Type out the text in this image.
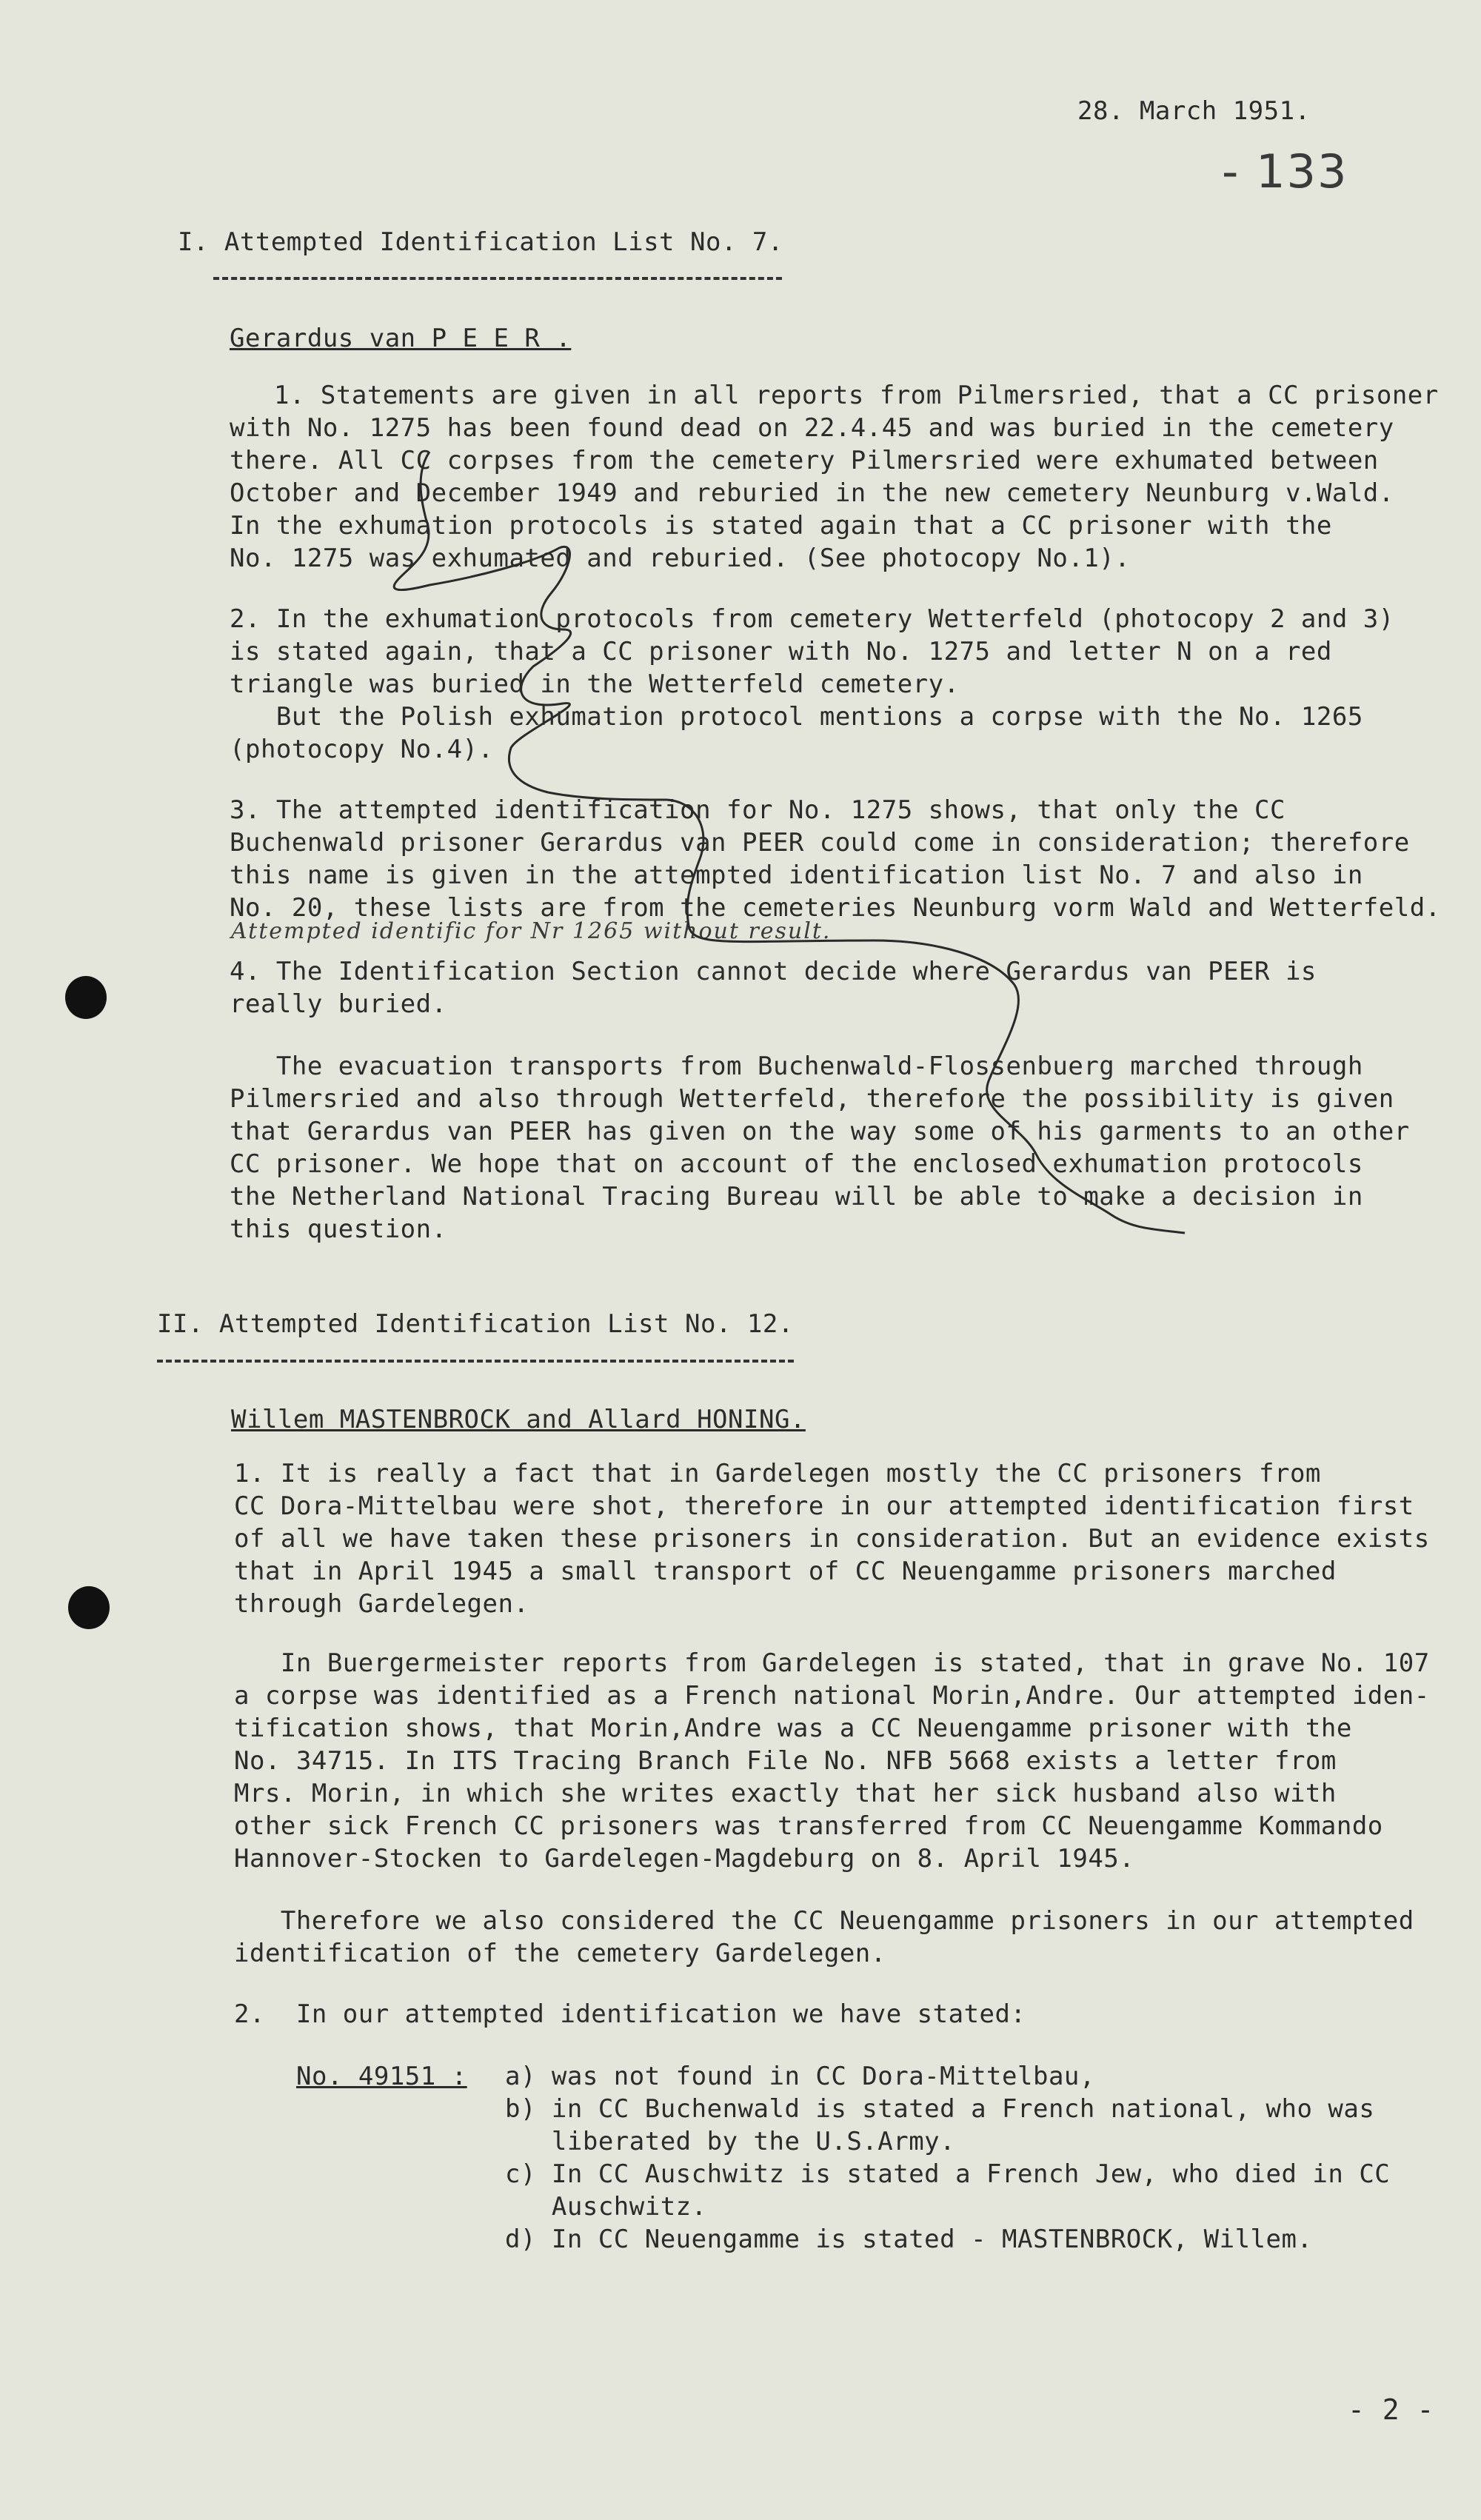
28. March 1951.
- 133
I. Attempted Identification List No. 7.
Gerardus van P E E R .
1. Statements are given in all reports from Pilmersried, that a CC prisoner
with No. 1275 has been found dead on 22.4.45 and was buried in the cemetery
there. All CC corpses from the cemetery Pilmersried were exhumated between
October and December 1949 and reburied in the new cemetery Neunburg v.Wald.
In the exhumation protocols is stated again that a CC prisoner with the
No. 1275 was exhumated and reburied. (See photocopy No.1).
2. In the exhumation protocols from cemetery Wetterfeld (photocopy 2 and 3)
is stated again, that a CC prisoner with No. 1275 and letter N on a red
triangle was buried in the Wetterfeld cemetery.
But the Polish exhumation protocol mentions a corpse with the No. 1265
(photocopy No.4).
3. The attempted identification for No. 1275 shows, that only the CC
Buchenwald prisoner Gerardus van PEER could come in consideration; therefore
this name is given in the attempted identification list No. 7 and also in
No. 20, these lists are from the cemeteries Neunburg vorm Wald and Wetterfeld.
Attempted identific for Nr 1265 without result.
4. The Identification Section cannot decide where Gerardus van PEER is
really buried.
The evacuation transports from Buchenwald-Flossenbuerg marched through
Pilmersried and also through Wetterfeld, therefore the possibility is given
that Gerardus van PEER has given on the way some of his garments to an other
CC prisoner. We hope that on account of the enclosed exhumation protocols
the Netherland National Tracing Bureau will be able to make a decision in
this question.
II. Attempted Identification List No. 12.
Willem MASTENBROCK and Allard HONING.
1. It is really a fact that in Gardelegen mostly the CC prisoners from
CC Dora-Mittelbau were shot, therefore in our attempted identification first
of all we have taken these prisoners in consideration. But an evidence exists
that in April 1945 a small transport of CC Neuengamme prisoners marched
through Gardelegen.
In Buergermeister reports from Gardelegen is stated, that in grave No. 107
a corpse was identified as a French national Morin,Andre. Our attempted iden-
tification shows, that Morin,Andre was a CC Neuengamme prisoner with the
No. 34715. In ITS Tracing Branch File No. NFB 5668 exists a letter from
Mrs. Morin, in which she writes exactly that her sick husband also with
other sick French CC prisoners was transferred from CC Neuengamme Kommando
Hannover-Stocken to Gardelegen-Magdeburg on 8. April 1945.
Therefore we also considered the CC Neuengamme prisoners in our attempted
identification of the cemetery Gardelegen.
2.  In our attempted identification we have stated:
No. 49151 : a) was not found in CC Dora-Mittelbau,
b) in CC Buchenwald is stated a French national, who was
liberated by the U.S.Army.
c) In CC Auschwitz is stated a French Jew, who died in CC
Auschwitz.
d) In CC Neuengamme is stated - MASTENBROCK, Willem.
- 2 -
